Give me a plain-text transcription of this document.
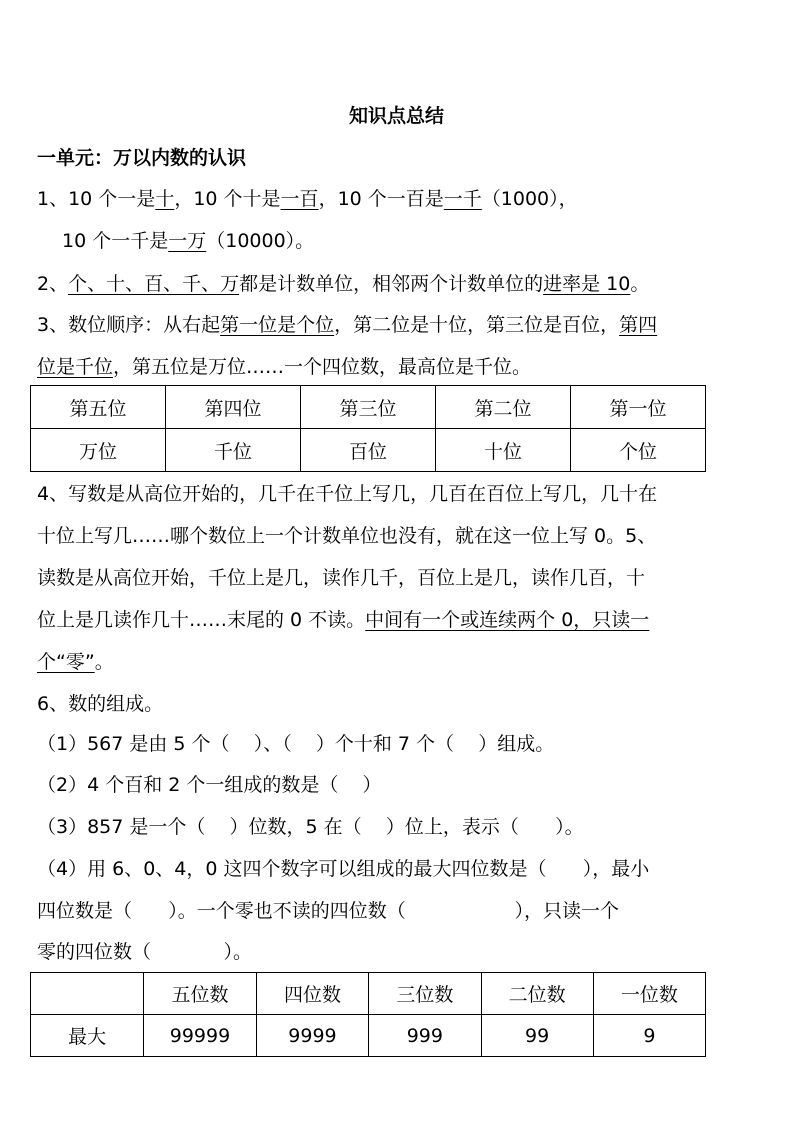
知识点总结
一单元：万以内数的认识
1、10 个一是十，10 个十是一百，10 个一百是一千（1000），
10 个一千是一万（10000）。
2、个、十、百、千、万都是计数单位，相邻两个计数单位的进率是 10。
3、数位顺序：从右起第一位是个位，第二位是十位，第三位是百位，第四
位是千位，第五位是万位……一个四位数，最高位是千位。
第五位	第四位	第三位	第二位	第一位
万位	千位	百位	十位	个位
4、写数是从高位开始的，几千在千位上写几，几百在百位上写几，几十在
十位上写几……哪个数位上一个计数单位也没有，就在这一位上写 0。5、
读数是从高位开始，千位上是几，读作几千，百位上是几，读作几百，十
位上是几读作几十……末尾的 0 不读。中间有一个或连续两个 0，只读一
个“零”。
6、数的组成。
（1）567 是由 5 个（    ）、（    ）个十和 7 个（    ）组成。
（2）4 个百和 2 个一组成的数是（    ）
（3）857 是一个（    ）位数，5 在（    ）位上，表示（      ）。
（4）用 6、0、4，0 这四个数字可以组成的最大四位数是（      ），最小
四位数是（      ）。一个零也不读的四位数（                  ），只读一个
零的四位数（            ）。
	五位数	四位数	三位数	二位数	一位数
最大	99999	9999	999	99	9
